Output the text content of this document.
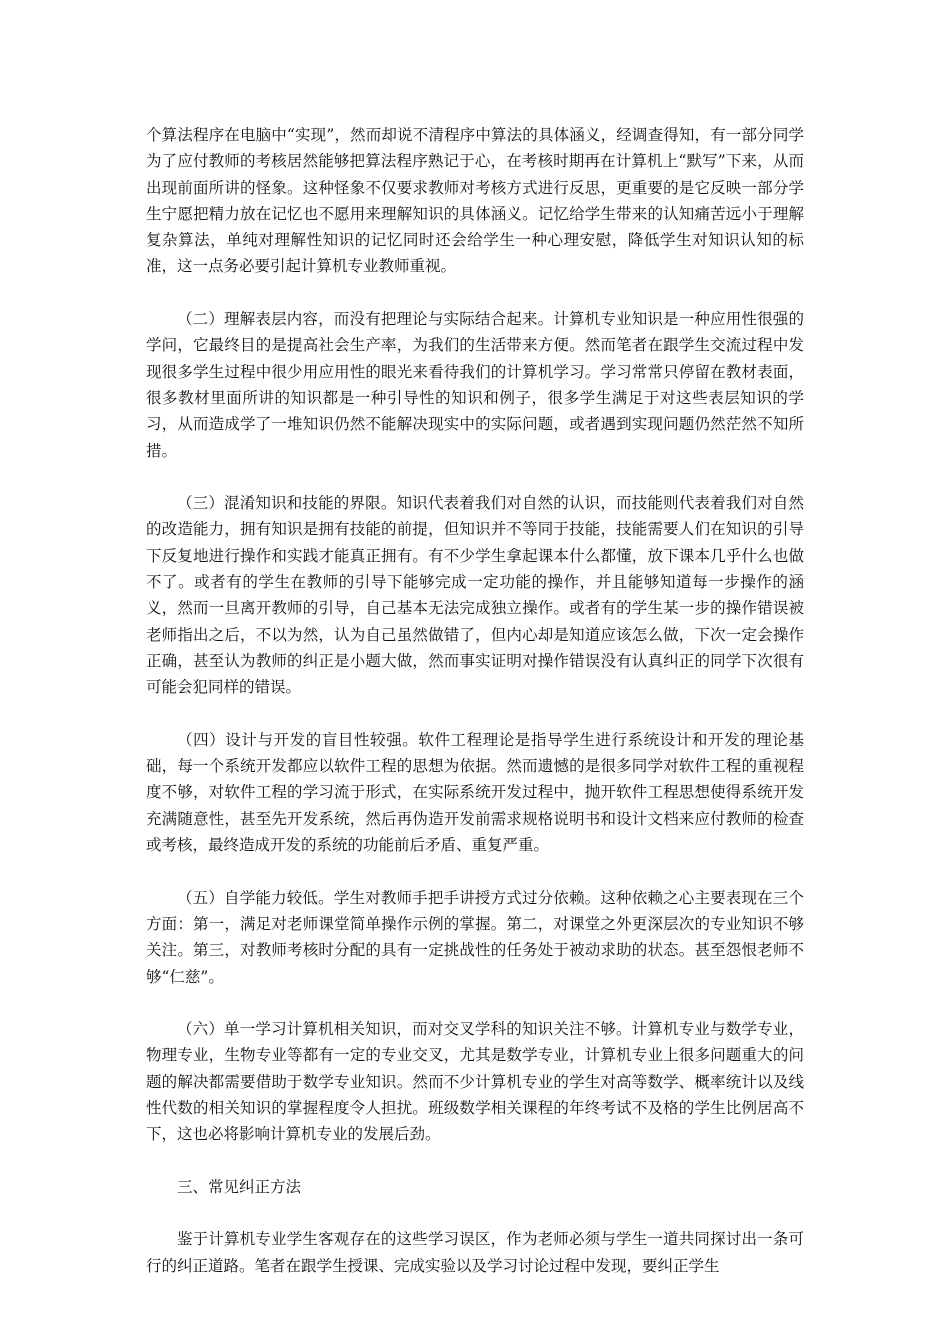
个算法程序在电脑中“实现”，然而却说不清程序中算法的具体涵义，经调查得知，有一部分同学为了应付教师的考核居然能够把算法程序熟记于心，在考核时期再在计算机上“默写”下来，从而出现前面所讲的怪象。这种怪象不仅要求教师对考核方式进行反思，更重要的是它反映一部分学生宁愿把精力放在记忆也不愿用来理解知识的具体涵义。记忆给学生带来的认知痛苦远小于理解复杂算法，单纯对理解性知识的记忆同时还会给学生一种心理安慰，降低学生对知识认知的标准，这一点务必要引起计算机专业教师重视。

（二）理解表层内容，而没有把理论与实际结合起来。计算机专业知识是一种应用性很强的学问，它最终目的是提高社会生产率，为我们的生活带来方便。然而笔者在跟学生交流过程中发现很多学生过程中很少用应用性的眼光来看待我们的计算机学习。学习常常只停留在教材表面，很多教材里面所讲的知识都是一种引导性的知识和例子，很多学生满足于对这些表层知识的学习，从而造成学了一堆知识仍然不能解决现实中的实际问题，或者遇到实现问题仍然茫然不知所措。

（三）混淆知识和技能的界限。知识代表着我们对自然的认识，而技能则代表着我们对自然的改造能力，拥有知识是拥有技能的前提，但知识并不等同于技能，技能需要人们在知识的引导下反复地进行操作和实践才能真正拥有。有不少学生拿起课本什么都懂，放下课本几乎什么也做不了。或者有的学生在教师的引导下能够完成一定功能的操作，并且能够知道每一步操作的涵义，然而一旦离开教师的引导，自己基本无法完成独立操作。或者有的学生某一步的操作错误被老师指出之后，不以为然，认为自己虽然做错了，但内心却是知道应该怎么做，下次一定会操作正确，甚至认为教师的纠正是小题大做，然而事实证明对操作错误没有认真纠正的同学下次很有可能会犯同样的错误。

（四）设计与开发的盲目性较强。软件工程理论是指导学生进行系统设计和开发的理论基础，每一个系统开发都应以软件工程的思想为依据。然而遗憾的是很多同学对软件工程的重视程度不够，对软件工程的学习流于形式，在实际系统开发过程中，抛开软件工程思想使得系统开发充满随意性，甚至先开发系统，然后再伪造开发前需求规格说明书和设计文档来应付教师的检查或考核，最终造成开发的系统的功能前后矛盾、重复严重。

（五）自学能力较低。学生对教师手把手讲授方式过分依赖。这种依赖之心主要表现在三个方面：第一，满足对老师课堂简单操作示例的掌握。第二，对课堂之外更深层次的专业知识不够关注。第三，对教师考核时分配的具有一定挑战性的任务处于被动求助的状态。甚至怨恨老师不够“仁慈”。

（六）单一学习计算机相关知识，而对交叉学科的知识关注不够。计算机专业与数学专业，物理专业，生物专业等都有一定的专业交叉，尤其是数学专业，计算机专业上很多问题重大的问题的解决都需要借助于数学专业知识。然而不少计算机专业的学生对高等数学、概率统计以及线性代数的相关知识的掌握程度令人担扰。班级数学相关课程的年终考试不及格的学生比例居高不下，这也必将影响计算机专业的发展后劲。

三、常见纠正方法

鉴于计算机专业学生客观存在的这些学习误区，作为老师必须与学生一道共同探讨出一条可行的纠正道路。笔者在跟学生授课、完成实验以及学习讨论过程中发现，要纠正学生
